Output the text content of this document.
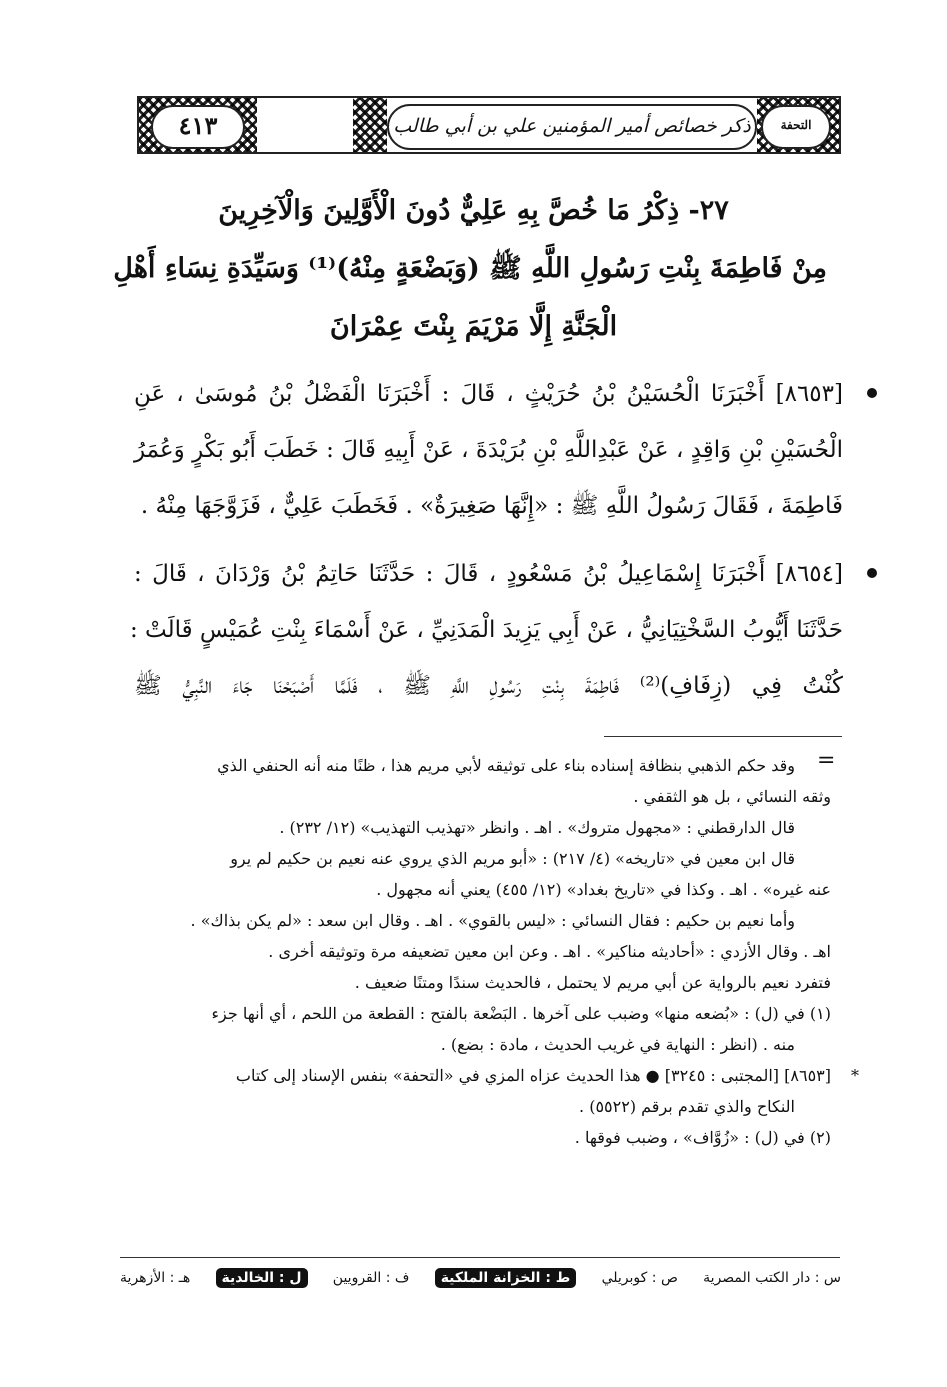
التحفة
ذكر خصائص أمير المؤمنين علي بن أبي طالب
٤١٣
٢٧- ذِكْرُ مَا خُصَّ بِهِ عَلِيٌّ دُونَ الْأَوَّلِينَ وَالْآخِرِينَ
مِنْ فَاطِمَةَ بِنْتِ رَسُولِ اللَّهِ ﷺ (وَبَضْعَةٍ مِنْهُ)⁽¹⁾ وَسَيِّدَةِ نِسَاءِ أَهْلِ
الْجَنَّةِ إِلَّا مَرْيَمَ بِنْتَ عِمْرَانَ
[٨٦٥٣] أَخْبَرَنَا الْحُسَيْنُ بْنُ حُرَيْثٍ ، قَالَ : أَخْبَرَنَا الْفَضْلُ بْنُ مُوسَىٰ ، عَنِ
الْحُسَيْنِ بْنِ وَاقِدٍ ، عَنْ عَبْدِاللَّهِ بْنِ بُرَيْدَةَ ، عَنْ أَبِيهِ قَالَ : خَطَبَ أَبُو بَكْرٍ وَعُمَرُ
فَاطِمَةَ ، فَقَالَ رَسُولُ اللَّهِ ﷺ : «إِنَّهَا صَغِيرَةٌ» . فَخَطَبَ عَلِيٌّ ، فَزَوَّجَهَا مِنْهُ .
[٨٦٥٤] أَخْبَرَنَا إِسْمَاعِيلُ بْنُ مَسْعُودٍ ، قَالَ : حَدَّثَنَا حَاتِمُ بْنُ وَرْدَانَ ، قَالَ :
حَدَّثَنَا أَيُّوبُ السَّخْتِيَانِيُّ ، عَنْ أَبِي يَزِيدَ الْمَدَنِيِّ ، عَنْ أَسْمَاءَ بِنْتِ عُمَيْسٍ قَالَتْ :
كُنْتُ فِي (زِفَافِ)⁽²⁾ فَاطِمَةَ بِنْتِ رَسُولِ اللَّهِ ﷺ ، فَلَمَّا أَصْبَحْنَا جَاءَ النَّبِيُّ ﷺ
=
وقد حكم الذهبي بنظافة إسناده بناء على توثيقه لأبي مريم هذا ، ظنًا منه أنه الحنفي الذي
وثقه النسائي ، بل هو الثقفي .
قال الدارقطني : «مجهول متروك» . اهـ . وانظر «تهذيب التهذيب» (١٢/ ٢٣٢) .
قال ابن معين في «تاريخه» (٤/ ٢١٧) : «أبو مريم الذي يروي عنه نعيم بن حكيم لم يرو
عنه غيره» . اهـ . وكذا في «تاريخ بغداد» (١٢/ ٤٥٥) يعني أنه مجهول .
وأما نعيم بن حكيم : فقال النسائي : «ليس بالقوي» . اهـ . وقال ابن سعد : «لم يكن بذاك» .
اهـ . وقال الأزدي : «أحاديثه مناكير» . اهـ . وعن ابن معين تضعيفه مرة وتوثيقه أخرى .
فتفرد نعيم بالرواية عن أبي مريم لا يحتمل ، فالحديث سندًا ومتنًا ضعيف .
(١) في (ل) : «بُضعه منها» وضبب على آخرها . البَضْعة بالفتح : القطعة من اللحم ، أي أنها جزء
منه . (انظر : النهاية في غريب الحديث ، مادة : بضع) .
*
[٨٦٥٣] [المجتبى : ٣٢٤٥] ● هذا الحديث عزاه المزي في «التحفة» بنفس الإسناد إلى كتاب
النكاح والذي تقدم برقم (٥٥٢٢) .
(٢) في (ل) : «زُوَّاف» ، وضبب فوقها .
س : دار الكتب المصرية
ص : كوبريلي
ط : الخزانة الملكية
ف : القرويين
ل : الخالدية
هـ : الأزهرية
